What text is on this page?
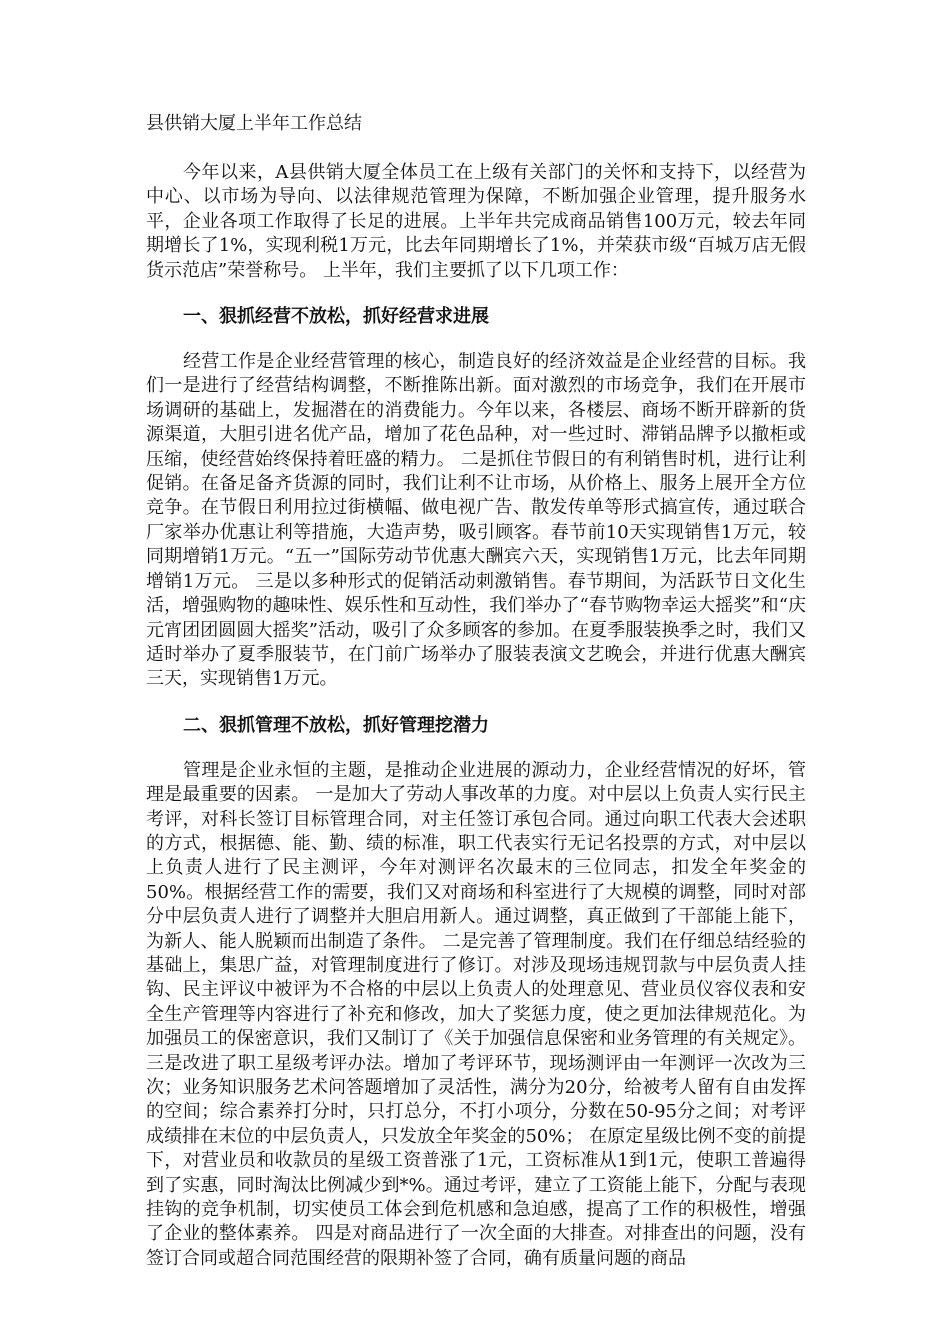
县供销大厦上半年工作总结

今年以来，A县供销大厦全体员工在上级有关部门的关怀和支持下，以经营为中心、以市场为导向、以法律规范管理为保障，不断加强企业管理，提升服务水平，企业各项工作取得了长足的进展。上半年共完成商品销售100万元，较去年同期增长了1%，实现利税1万元，比去年同期增长了1%，并荣获市级“百城万店无假货示范店”荣誉称号。 上半年，我们主要抓了以下几项工作：

一、狠抓经营不放松，抓好经营求进展

经营工作是企业经营管理的核心，制造良好的经济效益是企业经营的目标。我们一是进行了经营结构调整，不断推陈出新。面对激烈的市场竞争，我们在开展市场调研的基础上，发掘潜在的消费能力。今年以来，各楼层、商场不断开辟新的货源渠道，大胆引进名优产品，增加了花色品种，对一些过时、滞销品牌予以撤柜或压缩，使经营始终保持着旺盛的精力。 二是抓住节假日的有利销售时机，进行让利促销。在备足备齐货源的同时，我们让利不让市场，从价格上、服务上展开全方位竞争。在节假日利用拉过街横幅、做电视广告、散发传单等形式搞宣传，通过联合厂家举办优惠让利等措施，大造声势，吸引顾客。春节前10天实现销售1万元，较同期增销1万元。“五一”国际劳动节优惠大酬宾六天，实现销售1万元，比去年同期增销1万元。 三是以多种形式的促销活动刺激销售。春节期间，为活跃节日文化生活，增强购物的趣味性、娱乐性和互动性，我们举办了“春节购物幸运大摇奖”和“庆元宵团团圆圆大摇奖”活动，吸引了众多顾客的参加。在夏季服装换季之时，我们又适时举办了夏季服装节，在门前广场举办了服装表演文艺晚会，并进行优惠大酬宾三天，实现销售1万元。

二、狠抓管理不放松，抓好管理挖潜力

管理是企业永恒的主题，是推动企业进展的源动力，企业经营情况的好坏，管理是最重要的因素。 一是加大了劳动人事改革的力度。对中层以上负责人实行民主考评，对科长签订目标管理合同，对主任签订承包合同。通过向职工代表大会述职的方式，根据德、能、勤、绩的标准，职工代表实行无记名投票的方式，对中层以上负责人进行了民主测评，今年对测评名次最末的三位同志，扣发全年奖金的50%。根据经营工作的需要，我们又对商场和科室进行了大规模的调整，同时对部分中层负责人进行了调整并大胆启用新人。通过调整，真正做到了干部能上能下，为新人、能人脱颖而出制造了条件。 二是完善了管理制度。我们在仔细总结经验的基础上，集思广益，对管理制度进行了修订。对涉及现场违规罚款与中层负责人挂钩、民主评议中被评为不合格的中层以上负责人的处理意见、营业员仪容仪表和安全生产管理等内容进行了补充和修改，加大了奖惩力度，使之更加法律规范化。为加强员工的保密意识，我们又制订了《关于加强信息保密和业务管理的有关规定》。 三是改进了职工星级考评办法。增加了考评环节，现场测评由一年测评一次改为三次；业务知识服务艺术问答题增加了灵活性，满分为20分，给被考人留有自由发挥的空间；综合素养打分时，只打总分，不打小项分，分数在50-95分之间；对考评成绩排在末位的中层负责人，只发放全年奖金的50%； 在原定星级比例不变的前提下，对营业员和收款员的星级工资普涨了1元，工资标准从1到1元，使职工普遍得到了实惠，同时淘汰比例减少到*%。通过考评，建立了工资能上能下，分配与表现挂钩的竞争机制，切实使员工体会到危机感和急迫感，提高了工作的积极性，增强了企业的整体素养。 四是对商品进行了一次全面的大排查。对排查出的问题，没有签订合同或超合同范围经营的限期补签了合同，确有质量问题的商品
